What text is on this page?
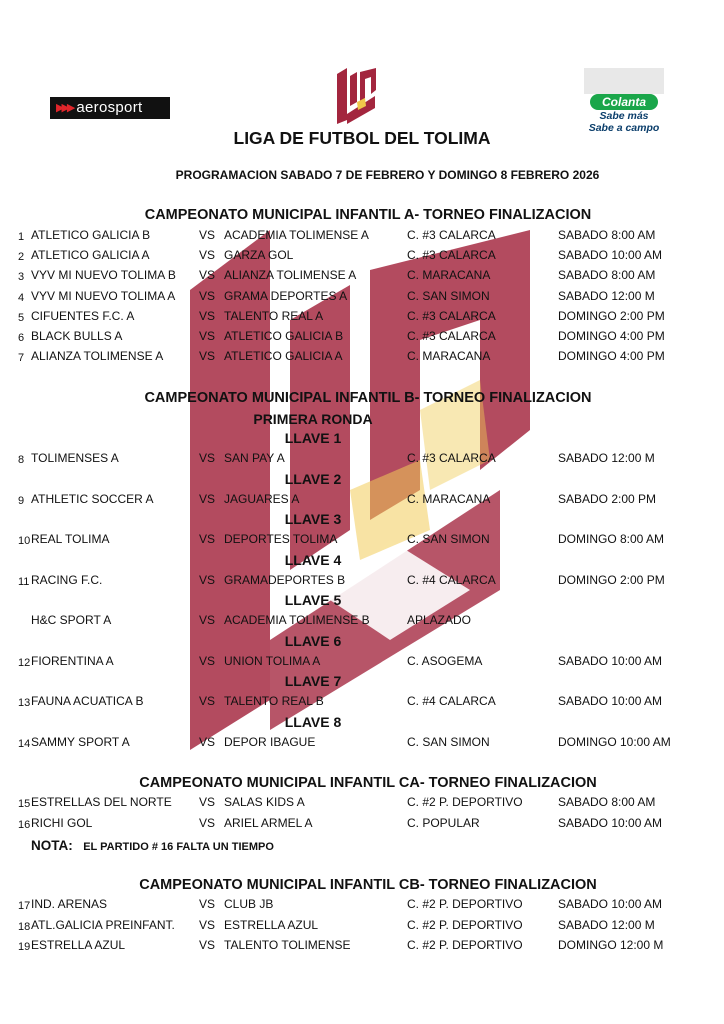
▶▶▶ aerosport	Colanta
Sabe más
Sabe a campo
LIGA DE FUTBOL DEL TOLIMA
PROGRAMACION SABADO 7 DE FEBRERO Y DOMINGO 8 FEBRERO 2026
CAMPEONATO MUNICIPAL INFANTIL A- TORNEO FINALIZACION
1 ATLETICO GALICIA B	VS ACADEMIA TOLIMENSE A	C. #3 CALARCA	SABADO 8:00 AM
2 ATLETICO GALICIA A	VS GARZA GOL	C. #3 CALARCA	SABADO 10:00 AM
3 VYV MI NUEVO TOLIMA B VS ALIANZA TOLIMENSE A	C. MARACANA	SABADO 8:00 AM
4 VYV MI NUEVO TOLIMA A VS GRAMA DEPORTES A	C. SAN SIMON	SABADO 12:00 M
5 CIFUENTES F.C. A	VS TALENTO REAL A	C. #3 CALARCA	DOMINGO 2:00 PM
6 BLACK BULLS A	VS ATLETICO GALICIA B	C. #3 CALARCA	DOMINGO 4:00 PM
7 ALIANZA TOLIMENSE A	VS ATLETICO GALICIA A	C. MARACANA	DOMINGO 4:00 PM
CAMPEONATO MUNICIPAL INFANTIL B- TORNEO FINALIZACION
PRIMERA RONDA
LLAVE 1
8 TOLIMENSES A	VS SAN PAY A	C. #3 CALARCA	SABADO 12:00 M
LLAVE 2
9 ATHLETIC SOCCER A	VS JAGUARES A	C. MARACANA	SABADO 2:00 PM
LLAVE 3
10 REAL TOLIMA	VS DEPORTES TOLIMA	C. SAN SIMON	DOMINGO 8:00 AM
LLAVE 4
11 RACING F.C.	VS GRAMADEPORTES B	C. #4 CALARCA	DOMINGO 2:00 PM
LLAVE 5
H&C SPORT A	VS ACADEMIA TOLIMENSE B	APLAZADO
LLAVE 6
12 FIORENTINA A	VS UNION TOLIMA A	C. ASOGEMA	SABADO 10:00 AM
LLAVE 7
13 FAUNA ACUATICA B	VS TALENTO REAL B	C. #4 CALARCA	SABADO 10:00 AM
LLAVE 8
14 SAMMY SPORT A	VS DEPOR IBAGUE	C. SAN SIMON	DOMINGO 10:00 AM
CAMPEONATO MUNICIPAL INFANTIL CA- TORNEO FINALIZACION
15 ESTRELLAS DEL NORTE VS SALAS KIDS A	C. #2 P. DEPORTIVO	SABADO 8:00 AM
16 RICHI GOL	VS ARIEL ARMEL A	C. POPULAR	SABADO 10:00 AM
NOTA: EL PARTIDO # 16 FALTA UN TIEMPO
CAMPEONATO MUNICIPAL INFANTIL CB- TORNEO FINALIZACION
17 IND. ARENAS	VS CLUB JB	C. #2 P. DEPORTIVO	SABADO 10:00 AM
18 ATL.GALICIA PREINFANT. VS ESTRELLA AZUL	C. #2 P. DEPORTIVO	SABADO 12:00 M
19 ESTRELLA AZUL	VS TALENTO TOLIMENSE	C. #2 P. DEPORTIVO	DOMINGO 12:00 M
